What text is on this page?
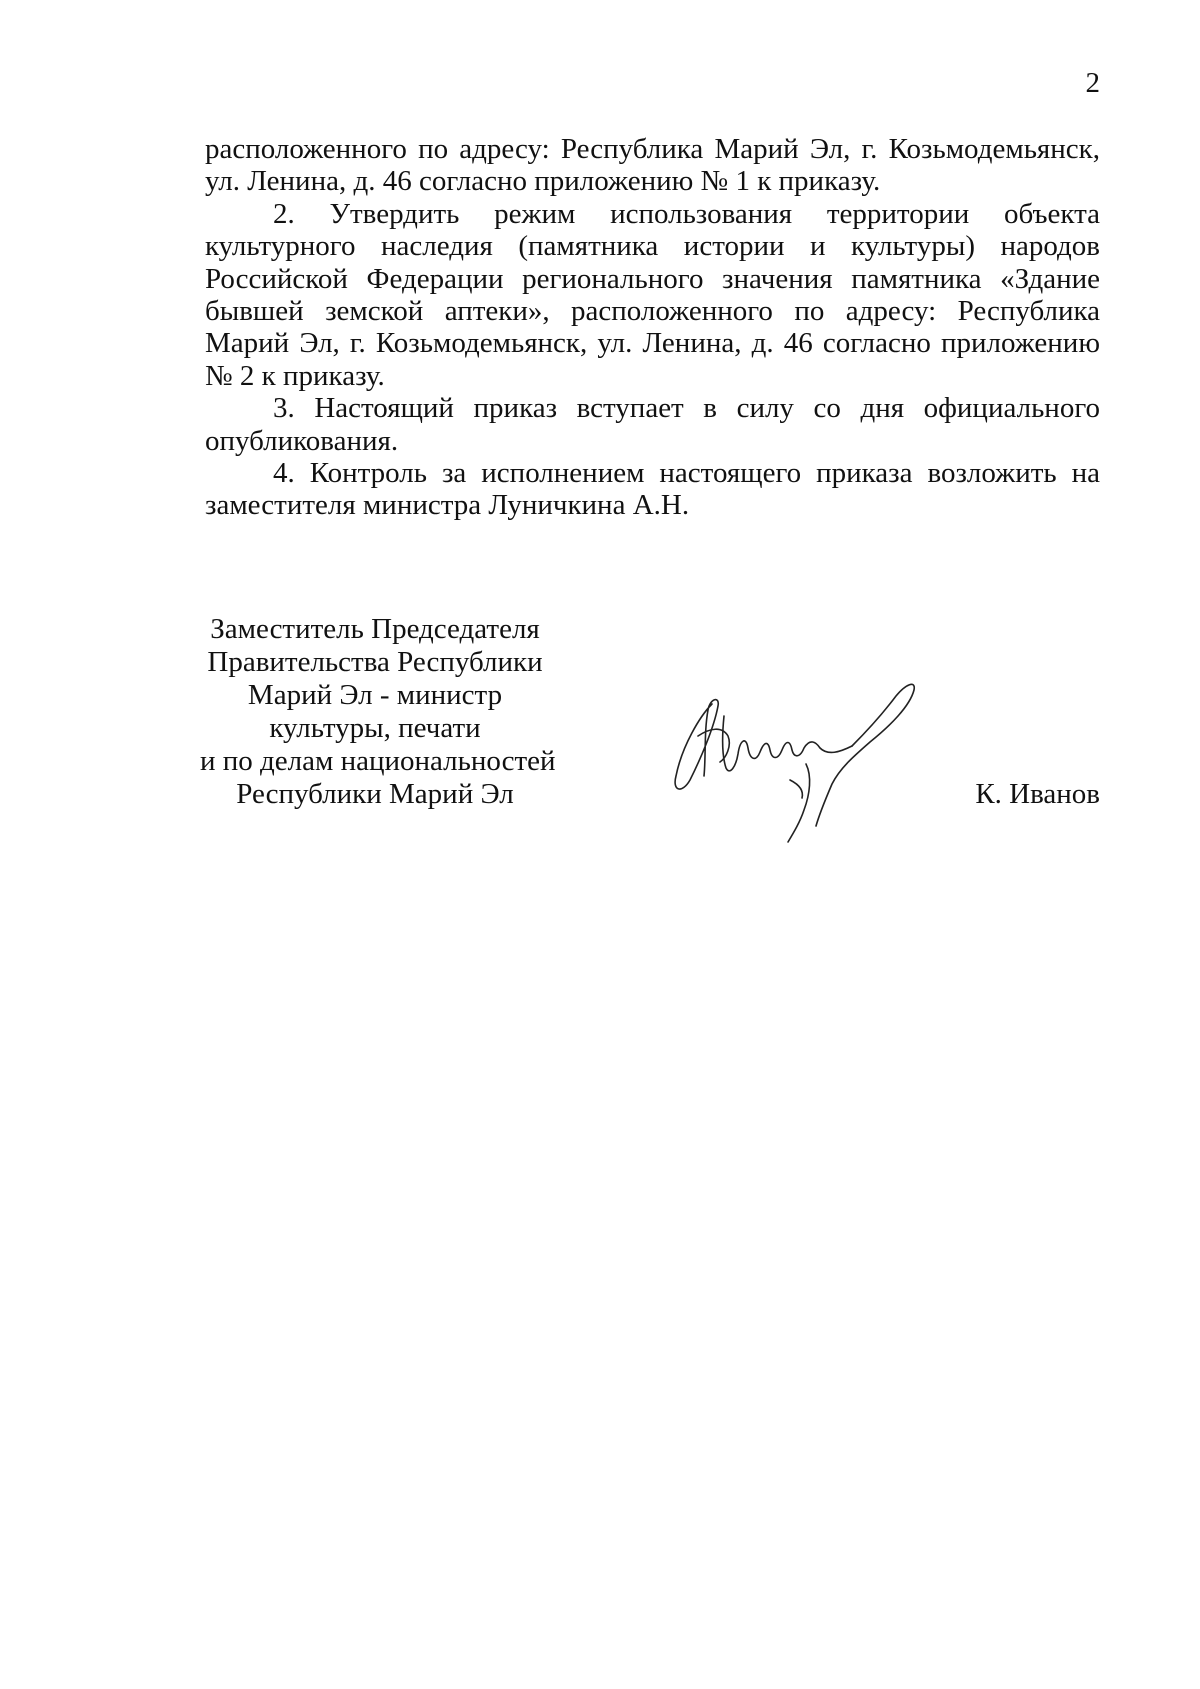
2

расположенного по адресу: Республика Марий Эл, г. Козьмодемьянск, ул. Ленина, д. 46 согласно приложению № 1 к приказу.

2. Утвердить режим использования территории объекта культурного наследия (памятника истории и культуры) народов Российской Федерации регионального значения памятника «Здание бывшей земской аптеки», расположенного по адресу: Республика Марий Эл, г. Козьмодемьянск, ул. Ленина, д. 46 согласно приложению № 2 к приказу.

3. Настоящий приказ вступает в силу со дня официального опубликования.

4. Контроль за исполнением настоящего приказа возложить на заместителя министра Луничкина А.Н.

Заместитель Председателя
Правительства Республики
Марий Эл - министр
культуры, печати
и по делам национальностей
Республики Марий Эл	К. Иванов
